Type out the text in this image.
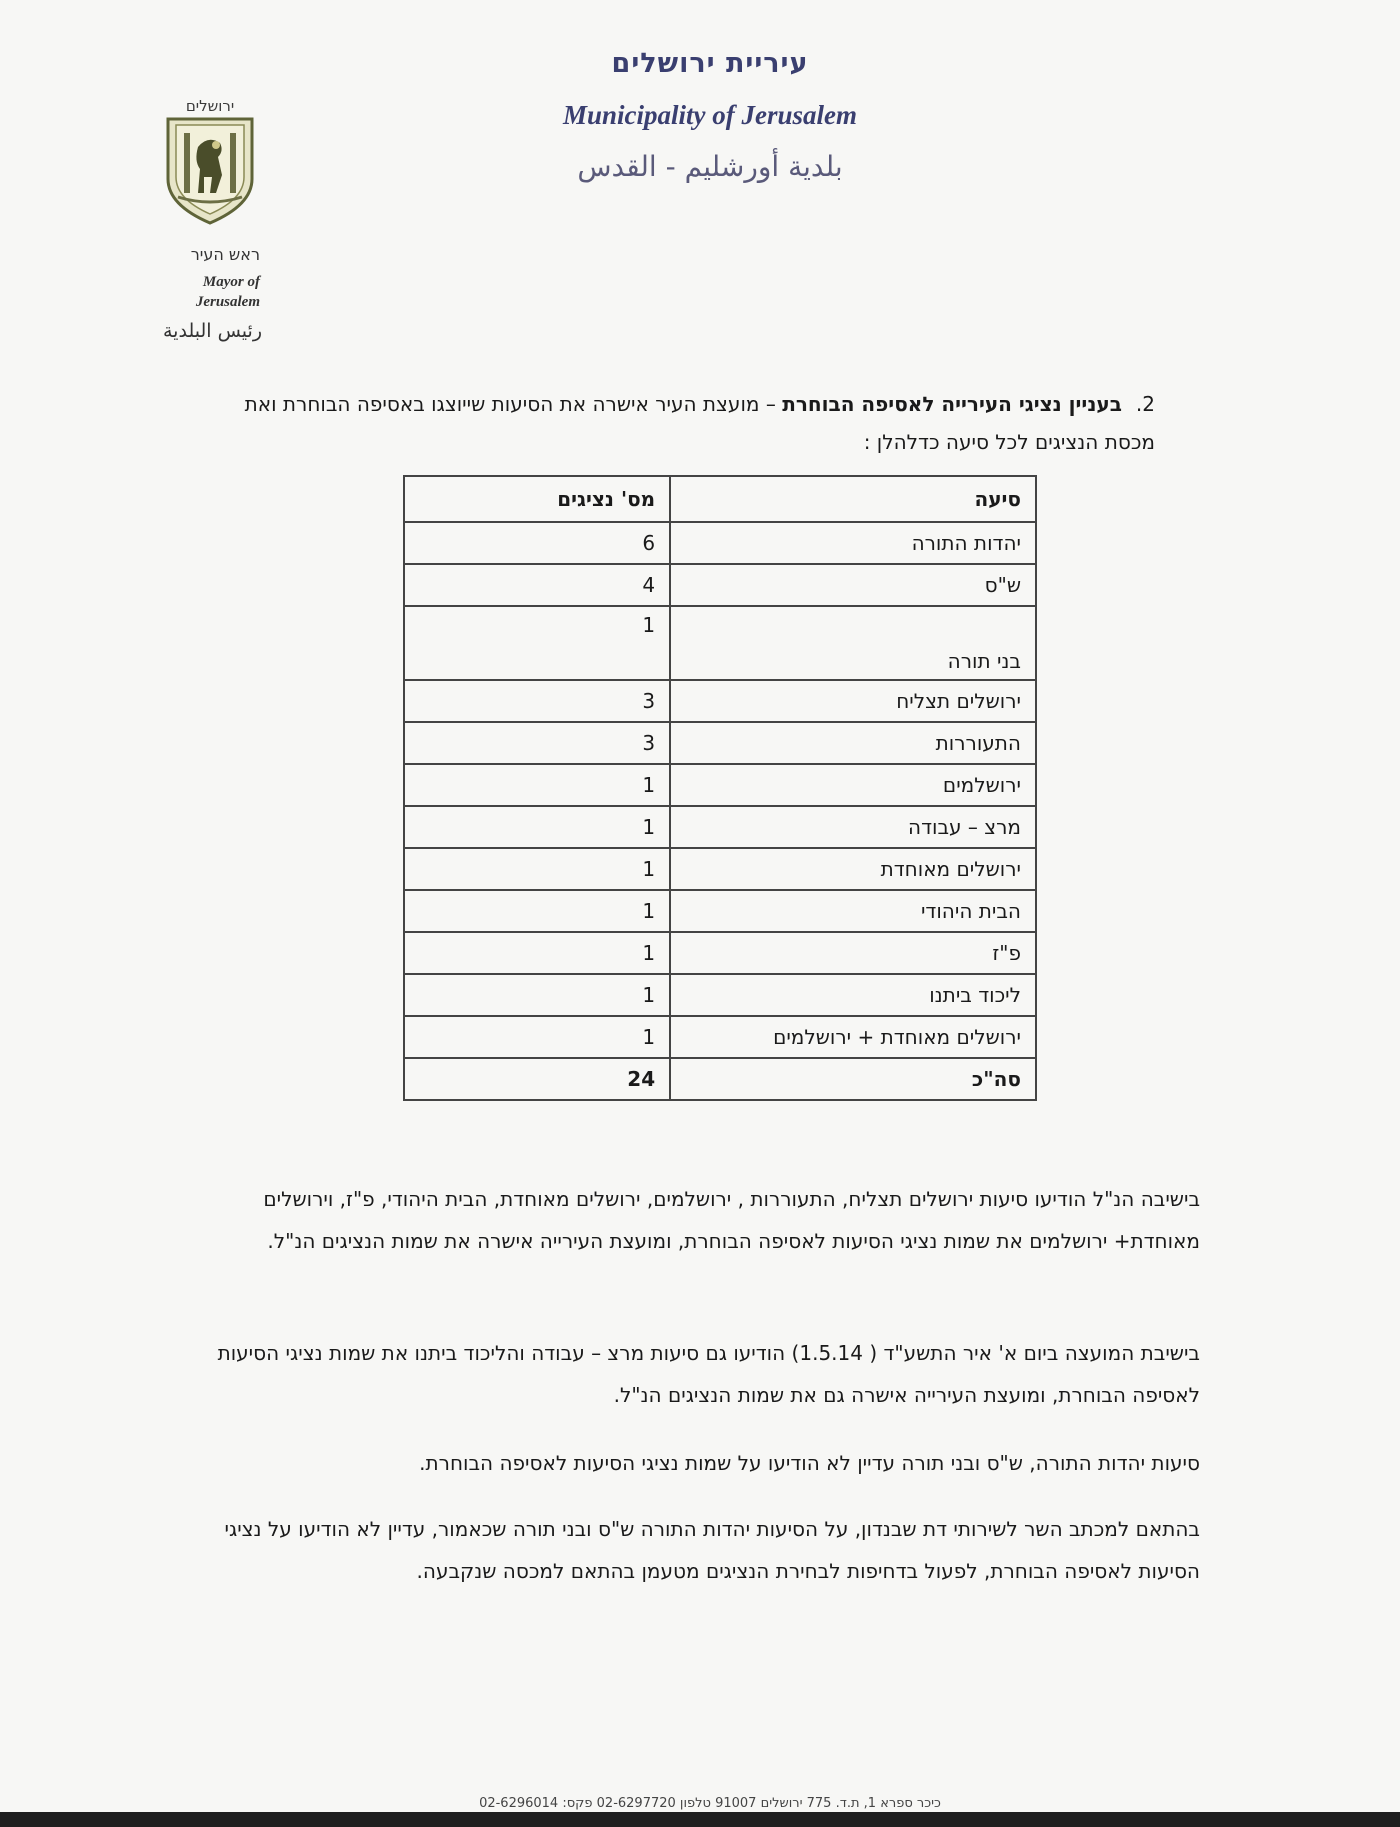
עיריית ירושלים
Municipality of Jerusalem
بلدية أورشليم - القدس
ירושלים
ראש העיר
Mayor of
Jerusalem
رئيس البلدية
2.בעניין נציגי העירייה לאסיפה הבוחרת – מועצת העיר אישרה את הסיעות שייוצגו באסיפה הבוחרת ואת מכסת הנציגים לכל סיעה כדלהלן :
סיעה	מס' נציגים
יהדות התורה	6
ש"ס	4
בני תורה	1
ירושלים תצליח	3
התעוררות	3
ירושלמים	1
מרצ – עבודה	1
ירושלים מאוחדת	1
הבית היהודי	1
פ"ז	1
ליכוד ביתנו	1
ירושלים מאוחדת + ירושלמים	1
סה"כ	24
בישיבה הנ"ל הודיעו סיעות ירושלים תצליח, התעוררות , ירושלמים, ירושלים מאוחדת, הבית היהודי, פ"ז, וירושלים מאוחדת+ ירושלמים את שמות נציגי הסיעות לאסיפה הבוחרת, ומועצת העירייה אישרה את שמות הנציגים הנ"ל.
בישיבת המועצה ביום א' איר התשע"ד ( 1.5.14) הודיעו גם סיעות מרצ – עבודה והליכוד ביתנו את שמות נציגי הסיעות לאסיפה הבוחרת, ומועצת העירייה אישרה גם את שמות הנציגים הנ"ל.
סיעות יהדות התורה, ש"ס ובני תורה עדיין לא הודיעו על שמות נציגי הסיעות לאסיפה הבוחרת.
בהתאם למכתב השר לשירותי דת שבנדון, על הסיעות יהדות התורה ש"ס ובני תורה שכאמור, עדיין לא הודיעו על נציגי הסיעות לאסיפה הבוחרת, לפעול בדחיפות לבחירת הנציגים מטעמן בהתאם למכסה שנקבעה.
כיכר ספרא 1, ת.ד. 775 ירושלים 91007 טלפון 02-6297720 פקס: 02-6296014
